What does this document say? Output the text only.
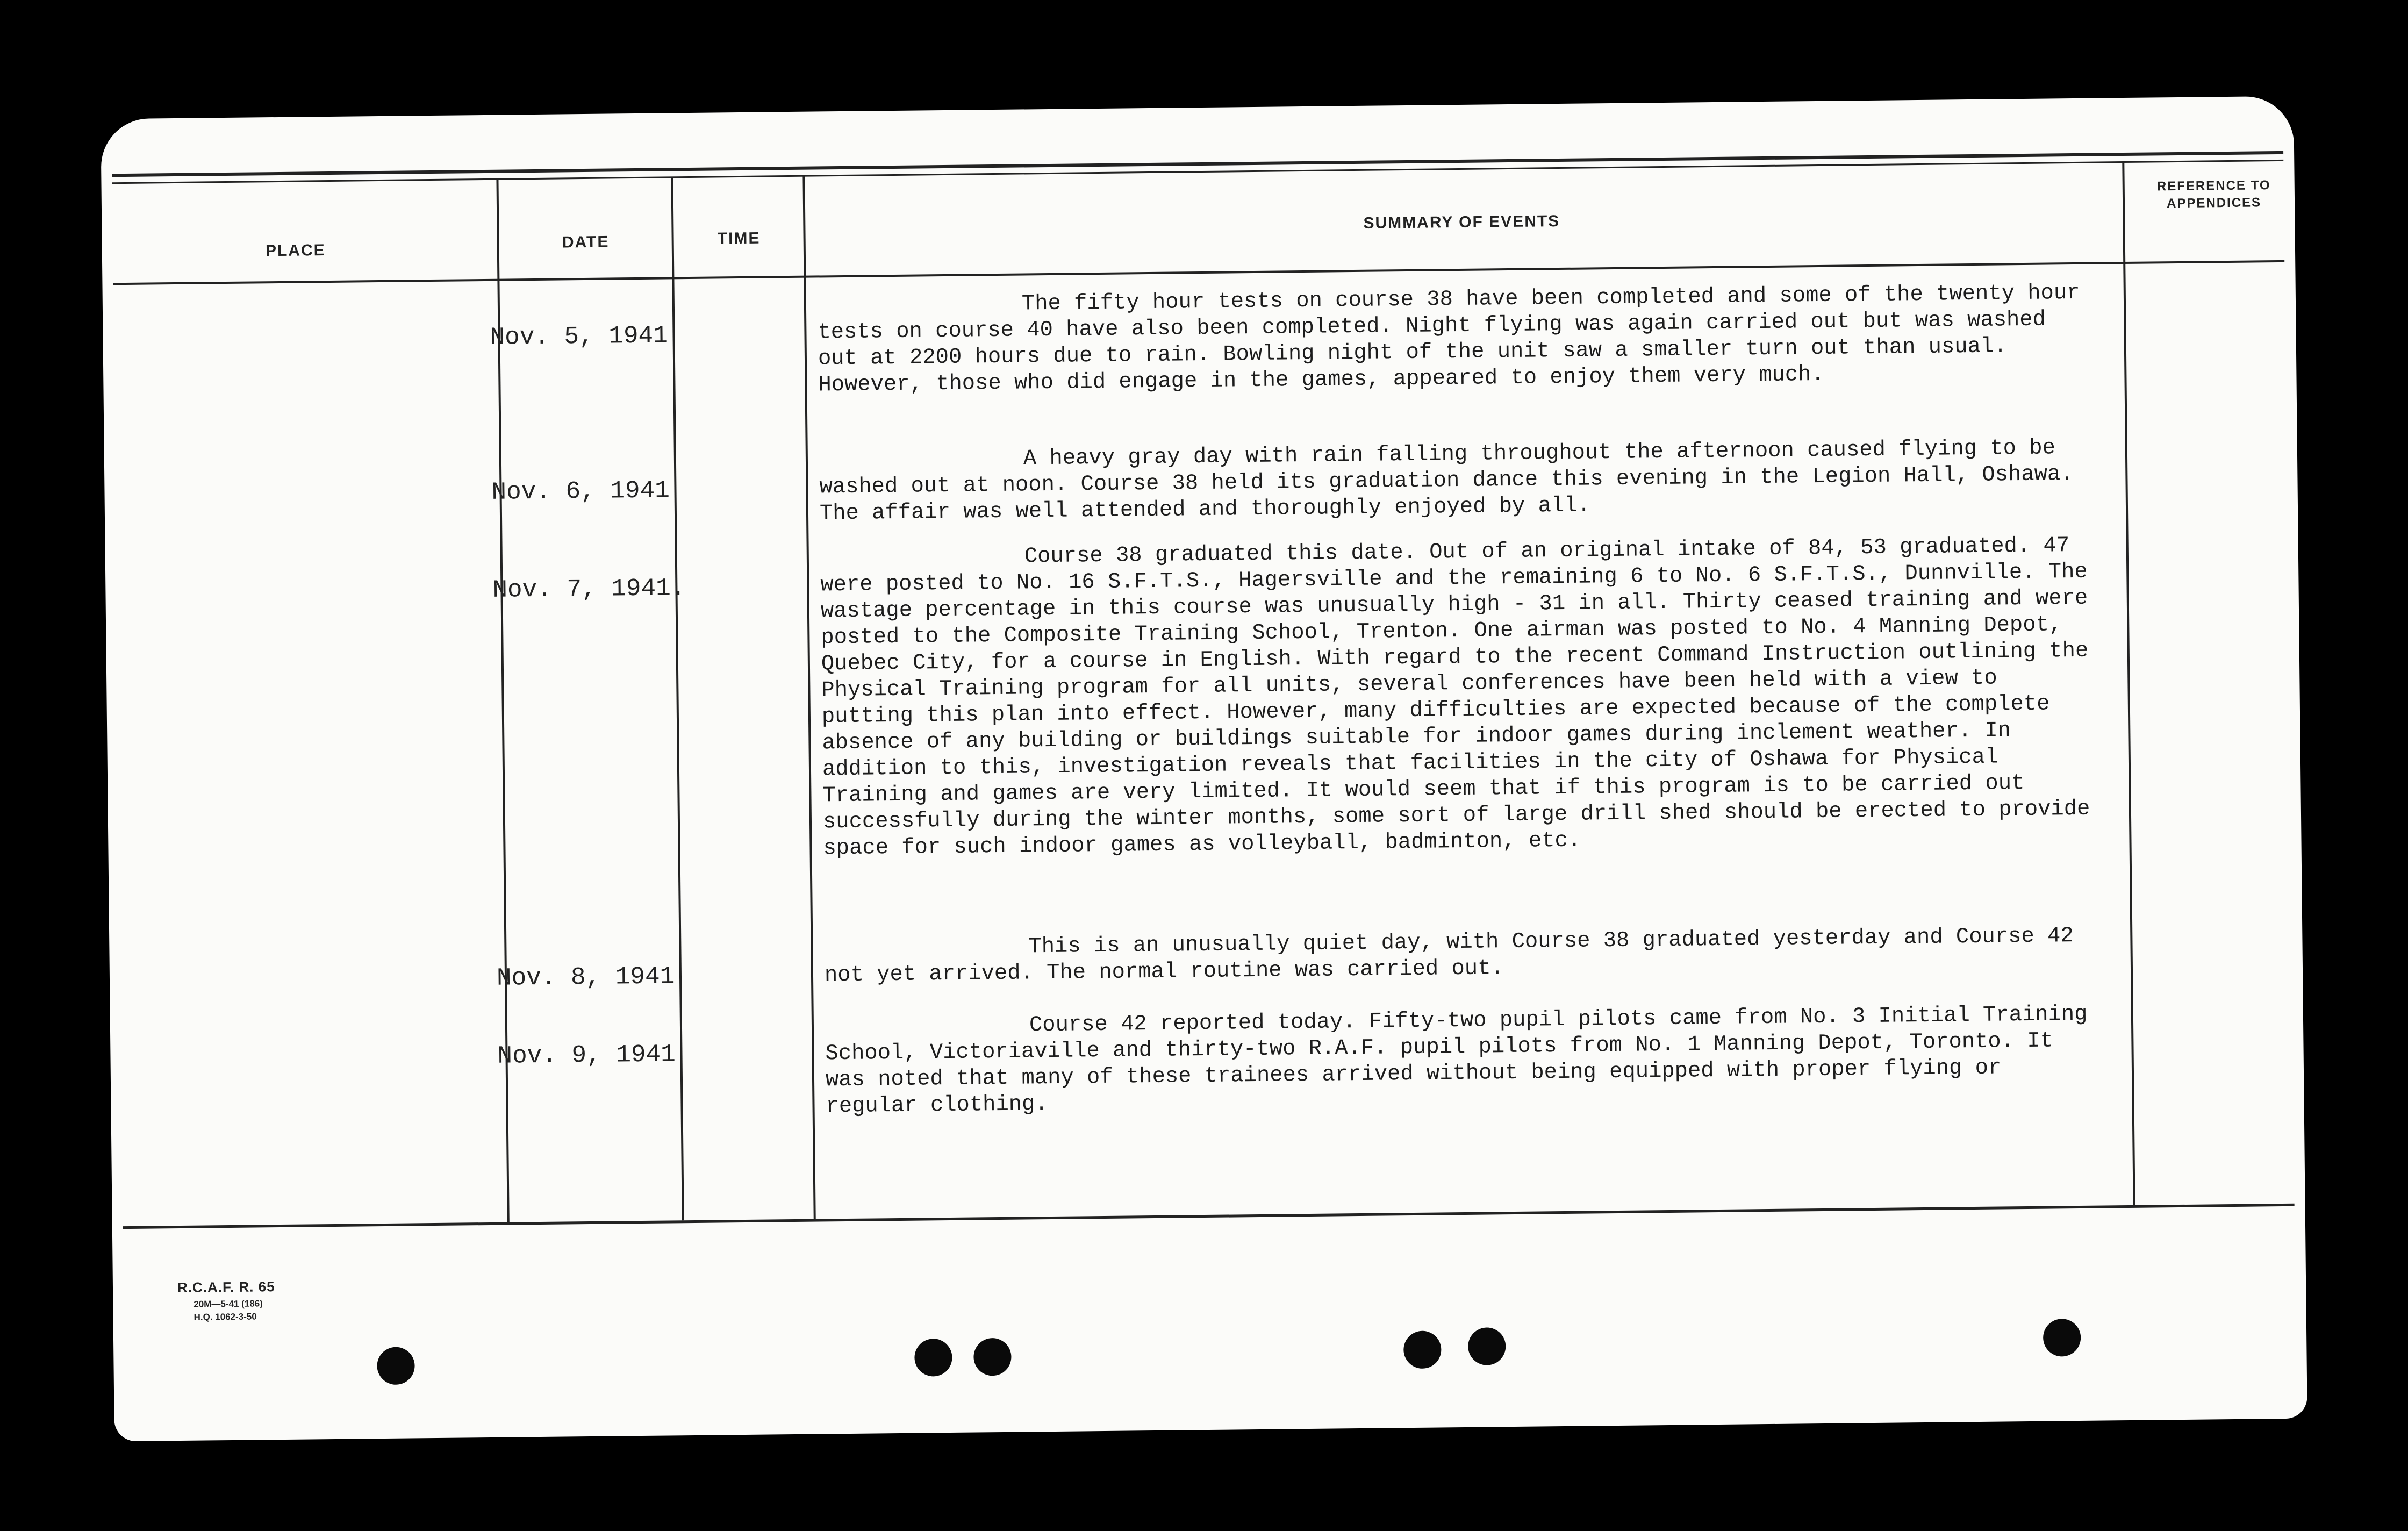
PLACE	DATE	TIME
SUMMARY OF EVENTS
REFERENCE TO APPENDICES
Nov. 5, 1941
Nov. 6, 1941
Nov. 7, 1941.
Nov. 8, 1941
Nov. 9, 1941

The fifty hour tests on course 38 have been completed and some of the twenty hour tests on course 40 have also been completed. Night flying was again carried out but was washed out at 2200 hours due to rain. Bowling night of the unit saw a smaller turn out than usual. However, those who did engage in the games, appeared to enjoy them very much.

A heavy gray day with rain falling throughout the afternoon caused flying to be washed out at noon. Course 38 held its graduation dance this evening in the Legion Hall, Oshawa. The affair was well attended and thoroughly enjoyed by all.

Course 38 graduated this date. Out of an original intake of 84, 53 graduated. 47 were posted to No. 16 S.F.T.S., Hagersville and the remaining 6 to No. 6 S.F.T.S., Dunnville. The wastage percentage in this course was unusually high - 31 in all. Thirty ceased training and were posted to the Composite Training School, Trenton. One airman was posted to No. 4 Manning Depot, Quebec City, for a course in English. With regard to the recent Command Instruction outlining the Physical Training program for all units, several conferences have been held with a view to putting this plan into effect. However, many difficulties are expected because of the complete absence of any building or buildings suitable for indoor games during inclement weather. In addition to this, investigation reveals that facilities in the city of Oshawa for Physical Training and games are very limited. It would seem that if this program is to be carried out successfully during the winter months, some sort of large drill shed should be erected to provide space for such indoor games as volleyball, badminton, etc.

This is an unusually quiet day, with Course 38 graduated yesterday and Course 42 not yet arrived. The normal routine was carried out.

Course 42 reported today. Fifty-two pupil pilots came from No. 3 Initial Training School, Victoriaville and thirty-two R.A.F. pupil pilots from No. 1 Manning Depot, Toronto. It was noted that many of these trainees arrived without being equipped with proper flying or regular clothing.

R.C.A.F. R. 65
20M—5-41 (186)
H.Q. 1062-3-50
